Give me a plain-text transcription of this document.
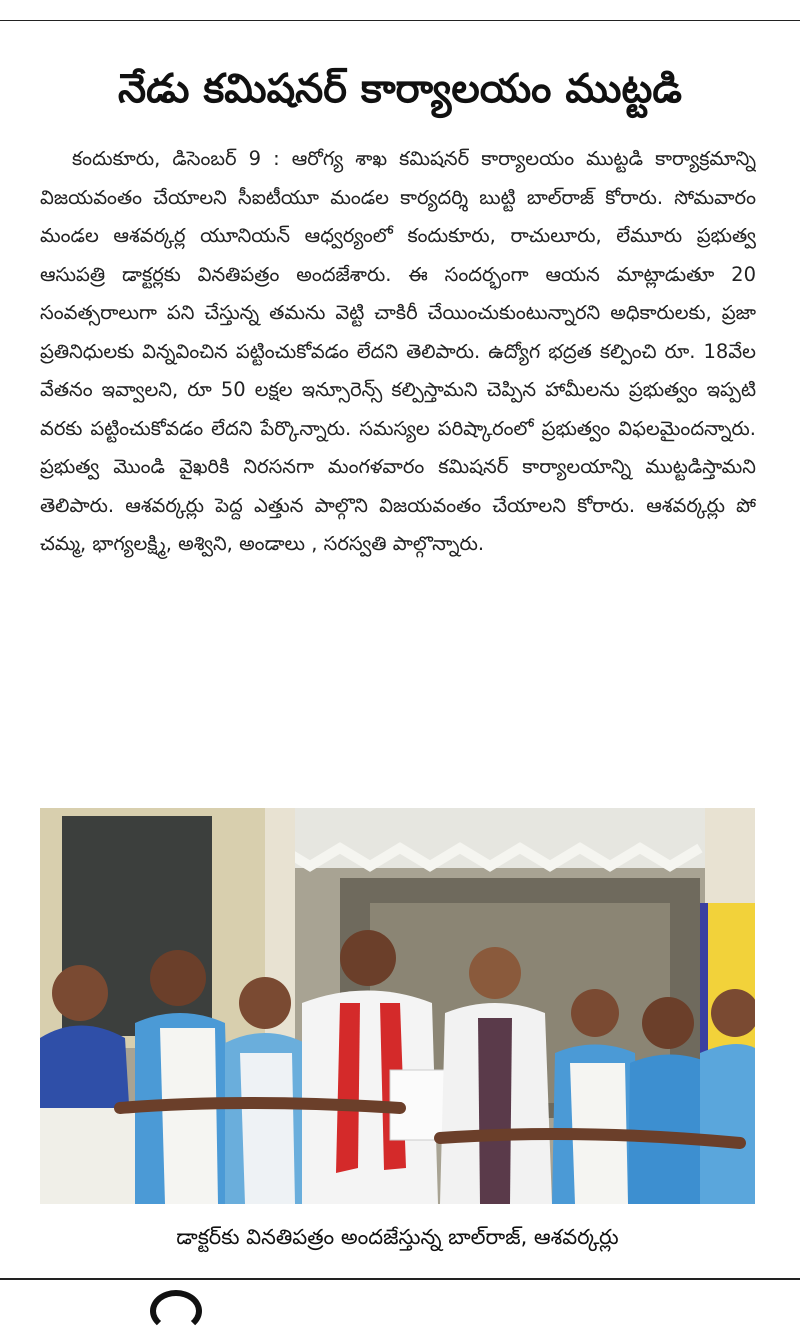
నేడు కమిషనర్ కార్యాలయం ముట్టడి

కందుకూరు, డిసెంబర్ 9 : ఆరోగ్య శాఖ కమిషనర్ కార్యాలయం ముట్టడి కార్యాక్రమాన్ని విజయవంతం చేయాలని సీఐటీయూ మండల కార్యదర్శి బుట్టి బాల్‌రాజ్ కోరారు. సోమవారం మండల ఆశవర్కర్ల యూనియన్ ఆధ్వర్యంలో కందుకూరు, రాచులూరు, లేమూరు ప్రభుత్వ ఆసుపత్రి డాక్టర్లకు వినతిపత్రం అందజేశారు. ఈ సందర్భంగా ఆయన మాట్లాడుతూ 20 సంవత్సరాలుగా పని చేస్తున్న తమను వెట్టి చాకిరీ చేయించుకుంటున్నారని అధికారులకు, ప్రజా ప్రతినిధులకు విన్నవించిన పట్టించుకోవడం లేదని తెలిపారు. ఉద్యోగ భద్రత కల్పించి రూ. 18వేల వేతనం ఇవ్వాలని, రూ 50 లక్షల ఇన్సూరెన్స్ కల్పిస్తామని చెప్పిన హామీలను ప్రభుత్వం ఇప్పటి వరకు పట్టించుకోవడం లేదని పేర్కొన్నారు. సమస్యల పరిష్కారంలో ప్రభుత్వం విఫలమైందన్నారు. ప్రభుత్వ మొండి వైఖరికి నిరసనగా మంగళవారం కమిషనర్ కార్యాలయాన్ని ముట్టడిస్తామని తెలిపారు. ఆశవర్కర్లు పెద్ద ఎత్తున పాల్గొని విజయవంతం చేయాలని కోరారు. ఆశవర్కర్లు పో చమ్మ, భాగ్యలక్ష్మి, అశ్విని, అండాలు , సరస్వతి పాల్గొన్నారు.

డాక్టర్‌కు వినతిపత్రం అందజేస్తున్న బాల్‌రాజ్, ఆశవర్కర్లు
